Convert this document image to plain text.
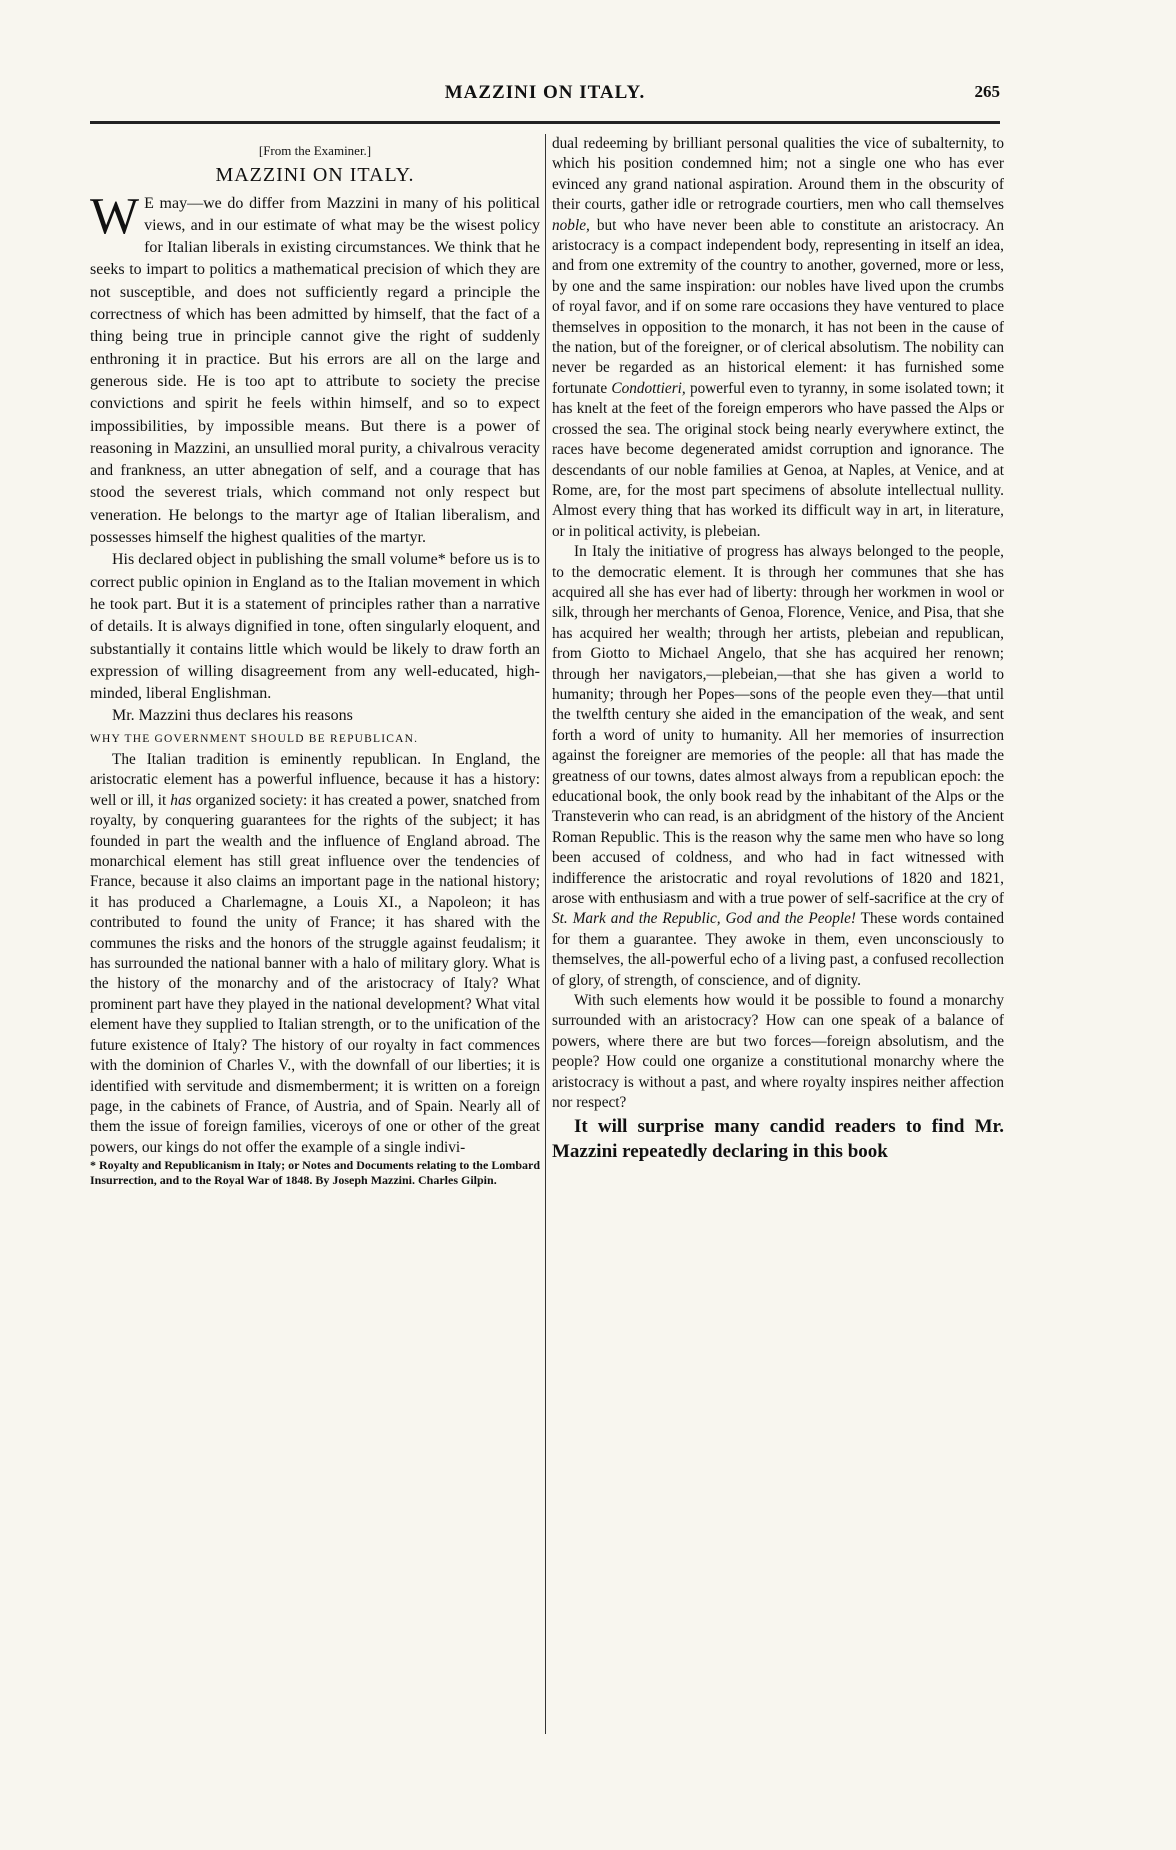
MAZZINI ON ITALY.	265
[From the Examiner.]
MAZZINI ON ITALY.

W E may—we do differ from Mazzini in many of his political views, and in our estimate of what may be the wisest policy for Italian liberals in existing circumstances. We think that he seeks to impart to politics a mathematical precision of which they are not susceptible, and does not sufficiently regard a principle the correctness of which has been admitted by himself, that the fact of a thing being true in principle cannot give the right of suddenly enthroning it in practice. But his errors are all on the large and generous side. He is too apt to attribute to society the precise convictions and spirit he feels within himself, and so to expect impossibilities, by impossible means. But there is a power of reasoning in Mazzini, an unsullied moral purity, a chivalrous veracity and frankness, an utter abnegation of self, and a courage that has stood the severest trials, which command not only respect but veneration. He belongs to the martyr age of Italian liberalism, and possesses himself the highest qualities of the martyr.

His declared object in publishing the small volume* before us is to correct public opinion in England as to the Italian movement in which he took part. But it is a statement of principles rather than a narrative of details. It is always dignified in tone, often singularly eloquent, and substantially it contains little which would be likely to draw forth an expression of willing disagreement from any well-educated, high-minded, liberal Englishman.

Mr. Mazzini thus declares his reasons

WHY THE GOVERNMENT SHOULD BE REPUBLICAN.

The Italian tradition is eminently republican. In England, the aristocratic element has a powerful influence, because it has a history: well or ill, it has organized society: it has created a power, snatched from royalty, by conquering guarantees for the rights of the subject; it has founded in part the wealth and the influence of England abroad. The monarchical element has still great influence over the tendencies of France, because it also claims an important page in the national history; it has produced a Charlemagne, a Louis XI., a Napoleon; it has contributed to found the unity of France; it has shared with the communes the risks and the honors of the struggle against feudalism; it has surrounded the national banner with a halo of military glory. What is the history of the monarchy and of the aristocracy of Italy? What prominent part have they played in the national development? What vital element have they supplied to Italian strength, or to the unification of the future existence of Italy? The history of our royalty in fact commences with the dominion of Charles V., with the downfall of our liberties; it is identified with servitude and dismemberment; it is written on a foreign page, in the cabinets of France, of Austria, and of Spain. Nearly all of them the issue of foreign families, viceroys of one or other of the great powers, our kings do not offer the example of a single indivi-

* Royalty and Republicanism in Italy; or Notes and Documents relating to the Lombard Insurrection, and to the Royal War of 1848. By Joseph Mazzini. Charles Gilpin.

dual redeeming by brilliant personal qualities the vice of subalternity, to which his position condemned him; not a single one who has ever evinced any grand national aspiration. Around them in the obscurity of their courts, gather idle or retrograde courtiers, men who call themselves noble, but who have never been able to constitute an aristocracy. An aristocracy is a compact independent body, representing in itself an idea, and from one extremity of the country to another, governed, more or less, by one and the same inspiration: our nobles have lived upon the crumbs of royal favor, and if on some rare occasions they have ventured to place themselves in opposition to the monarch, it has not been in the cause of the nation, but of the foreigner, or of clerical absolutism. The nobility can never be regarded as an historical element: it has furnished some fortunate Condottieri, powerful even to tyranny, in some isolated town; it has knelt at the feet of the foreign emperors who have passed the Alps or crossed the sea. The original stock being nearly everywhere extinct, the races have become degenerated amidst corruption and ignorance. The descendants of our noble families at Genoa, at Naples, at Venice, and at Rome, are, for the most part specimens of absolute intellectual nullity. Almost every thing that has worked its difficult way in art, in literature, or in political activity, is plebeian.

In Italy the initiative of progress has always belonged to the people, to the democratic element. It is through her communes that she has acquired all she has ever had of liberty: through her workmen in wool or silk, through her merchants of Genoa, Florence, Venice, and Pisa, that she has acquired her wealth; through her artists, plebeian and republican, from Giotto to Michael Angelo, that she has acquired her renown; through her navigators,—plebeian,—that she has given a world to humanity; through her Popes—sons of the people even they—that until the twelfth century she aided in the emancipation of the weak, and sent forth a word of unity to humanity. All her memories of insurrection against the foreigner are memories of the people: all that has made the greatness of our towns, dates almost always from a republican epoch: the educational book, the only book read by the inhabitant of the Alps or the Transteverin who can read, is an abridgment of the history of the Ancient Roman Republic. This is the reason why the same men who have so long been accused of coldness, and who had in fact witnessed with indifference the aristocratic and royal revolutions of 1820 and 1821, arose with enthusiasm and with a true power of self-sacrifice at the cry of St. Mark and the Republic, God and the People! These words contained for them a guarantee. They awoke in them, even unconsciously to themselves, the all-powerful echo of a living past, a confused recollection of glory, of strength, of conscience, and of dignity.

With such elements how would it be possible to found a monarchy surrounded with an aristocracy? How can one speak of a balance of powers, where there are but two forces—foreign absolutism, and the people? How could one organize a constitutional monarchy where the aristocracy is without a past, and where royalty inspires neither affection nor respect?

It will surprise many candid readers to find Mr. Mazzini repeatedly declaring in this book
